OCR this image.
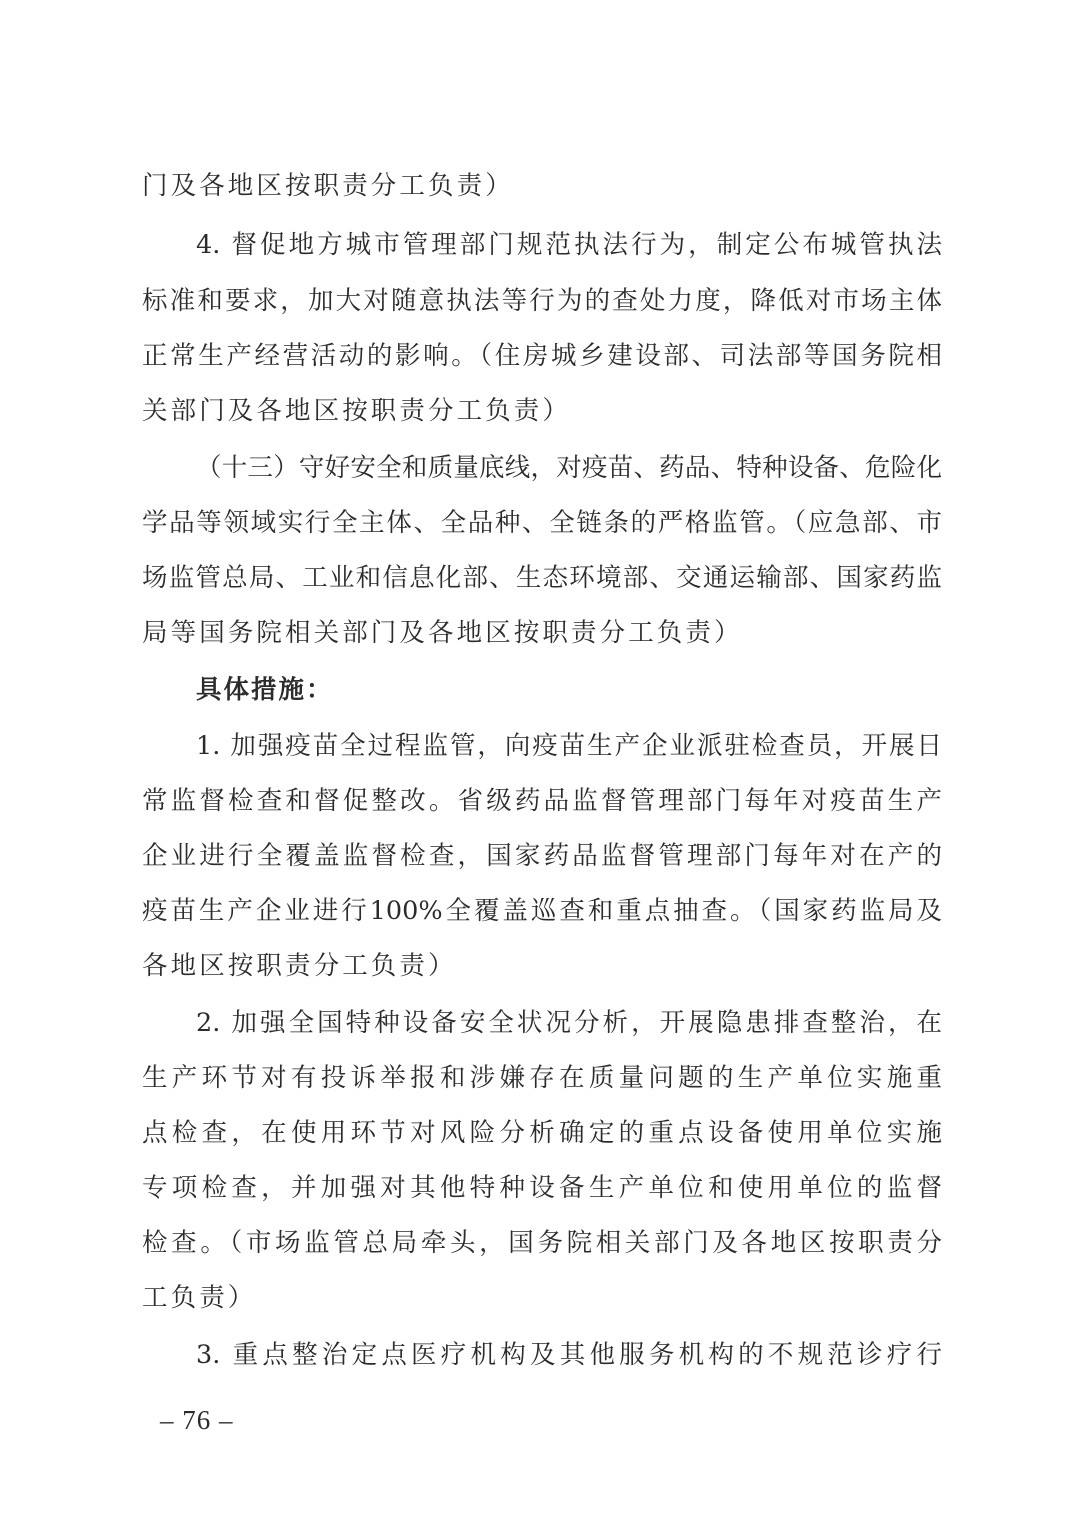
门及各地区按职责分工负责）
4. 督促地方城市管理部门规范执法行为，制定公布城管执法
标准和要求，加大对随意执法等行为的查处力度，降低对市场主体
正常生产经营活动的影响。（住房城乡建设部、司法部等国务院相
关部门及各地区按职责分工负责）
（十三）守好安全和质量底线，对疫苗、药品、特种设备、危险化
学品等领域实行全主体、全品种、全链条的严格监管。（应急部、市
场监管总局、工业和信息化部、生态环境部、交通运输部、国家药监
局等国务院相关部门及各地区按职责分工负责）
具体措施：
1. 加强疫苗全过程监管，向疫苗生产企业派驻检查员，开展日
常监督检查和督促整改。省级药品监督管理部门每年对疫苗生产
企业进行全覆盖监督检查，国家药品监督管理部门每年对在产的
疫苗生产企业进行100%全覆盖巡查和重点抽查。（国家药监局及
各地区按职责分工负责）
2. 加强全国特种设备安全状况分析，开展隐患排查整治，在
生产环节对有投诉举报和涉嫌存在质量问题的生产单位实施重
点检查，在使用环节对风险分析确定的重点设备使用单位实施
专项检查，并加强对其他特种设备生产单位和使用单位的监督
检查。（市场监管总局牵头，国务院相关部门及各地区按职责分
工负责）
3. 重点整治定点医疗机构及其他服务机构的不规范诊疗行
– 76 –
